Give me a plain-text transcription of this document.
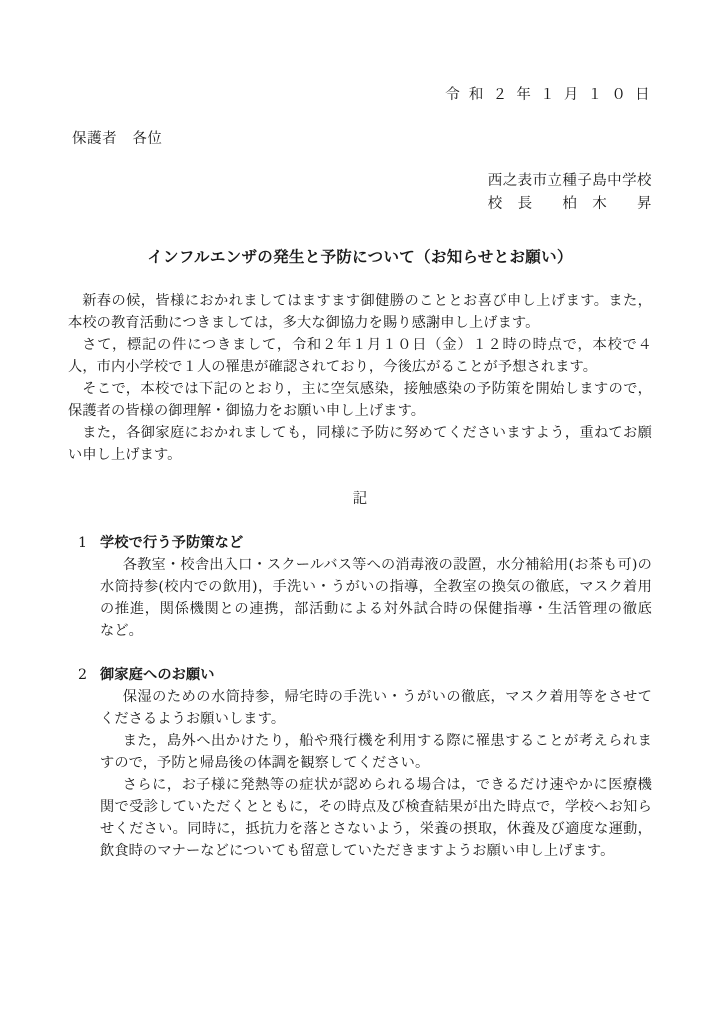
令 和 ２ 年 １ 月 １ ０ 日
保護者　各位
西之表市立種子島中学校
校　長　　柏　木　　昇
インフルエンザの発生と予防について（お知らせとお願い）

新春の候，皆様におかれましてはますます御健勝のこととお喜び申し上げます。また，本校の教育活動につきましては，多大な御協力を賜り感謝申し上げます。

さて，標記の件につきまして，令和２年１月１０日（金）１２時の時点で，本校で４人，市内小学校で１人の罹患が確認されており，今後広がることが予想されます。

そこで，本校では下記のとおり，主に空気感染，接触感染の予防策を開始しますので，保護者の皆様の御理解・御協力をお願い申し上げます。

また，各御家庭におかれましても，同様に予防に努めてくださいますよう，重ねてお願い申し上げます。

記
1 学校で行う予防策など

各教室・校舎出入口・スクールバス等への消毒液の設置，水分補給用(お茶も可)の水筒持参(校内での飲用)，手洗い・うがいの指導，全教室の換気の徹底，マスク着用の推進，関係機関との連携，部活動による対外試合時の保健指導・生活管理の徹底　など。

2 御家庭へのお願い

保湿のための水筒持参，帰宅時の手洗い・うがいの徹底，マスク着用等をさせてくださるようお願いします。

また，島外へ出かけたり，船や飛行機を利用する際に罹患することが考えられますので，予防と帰島後の体調を観察してください。

さらに，お子様に発熱等の症状が認められる場合は，できるだけ速やかに医療機関で受診していただくとともに，その時点及び検査結果が出た時点で，学校へお知らせください。同時に，抵抗力を落とさないよう，栄養の摂取，休養及び適度な運動，飲食時のマナーなどについても留意していただきますようお願い申し上げます。
